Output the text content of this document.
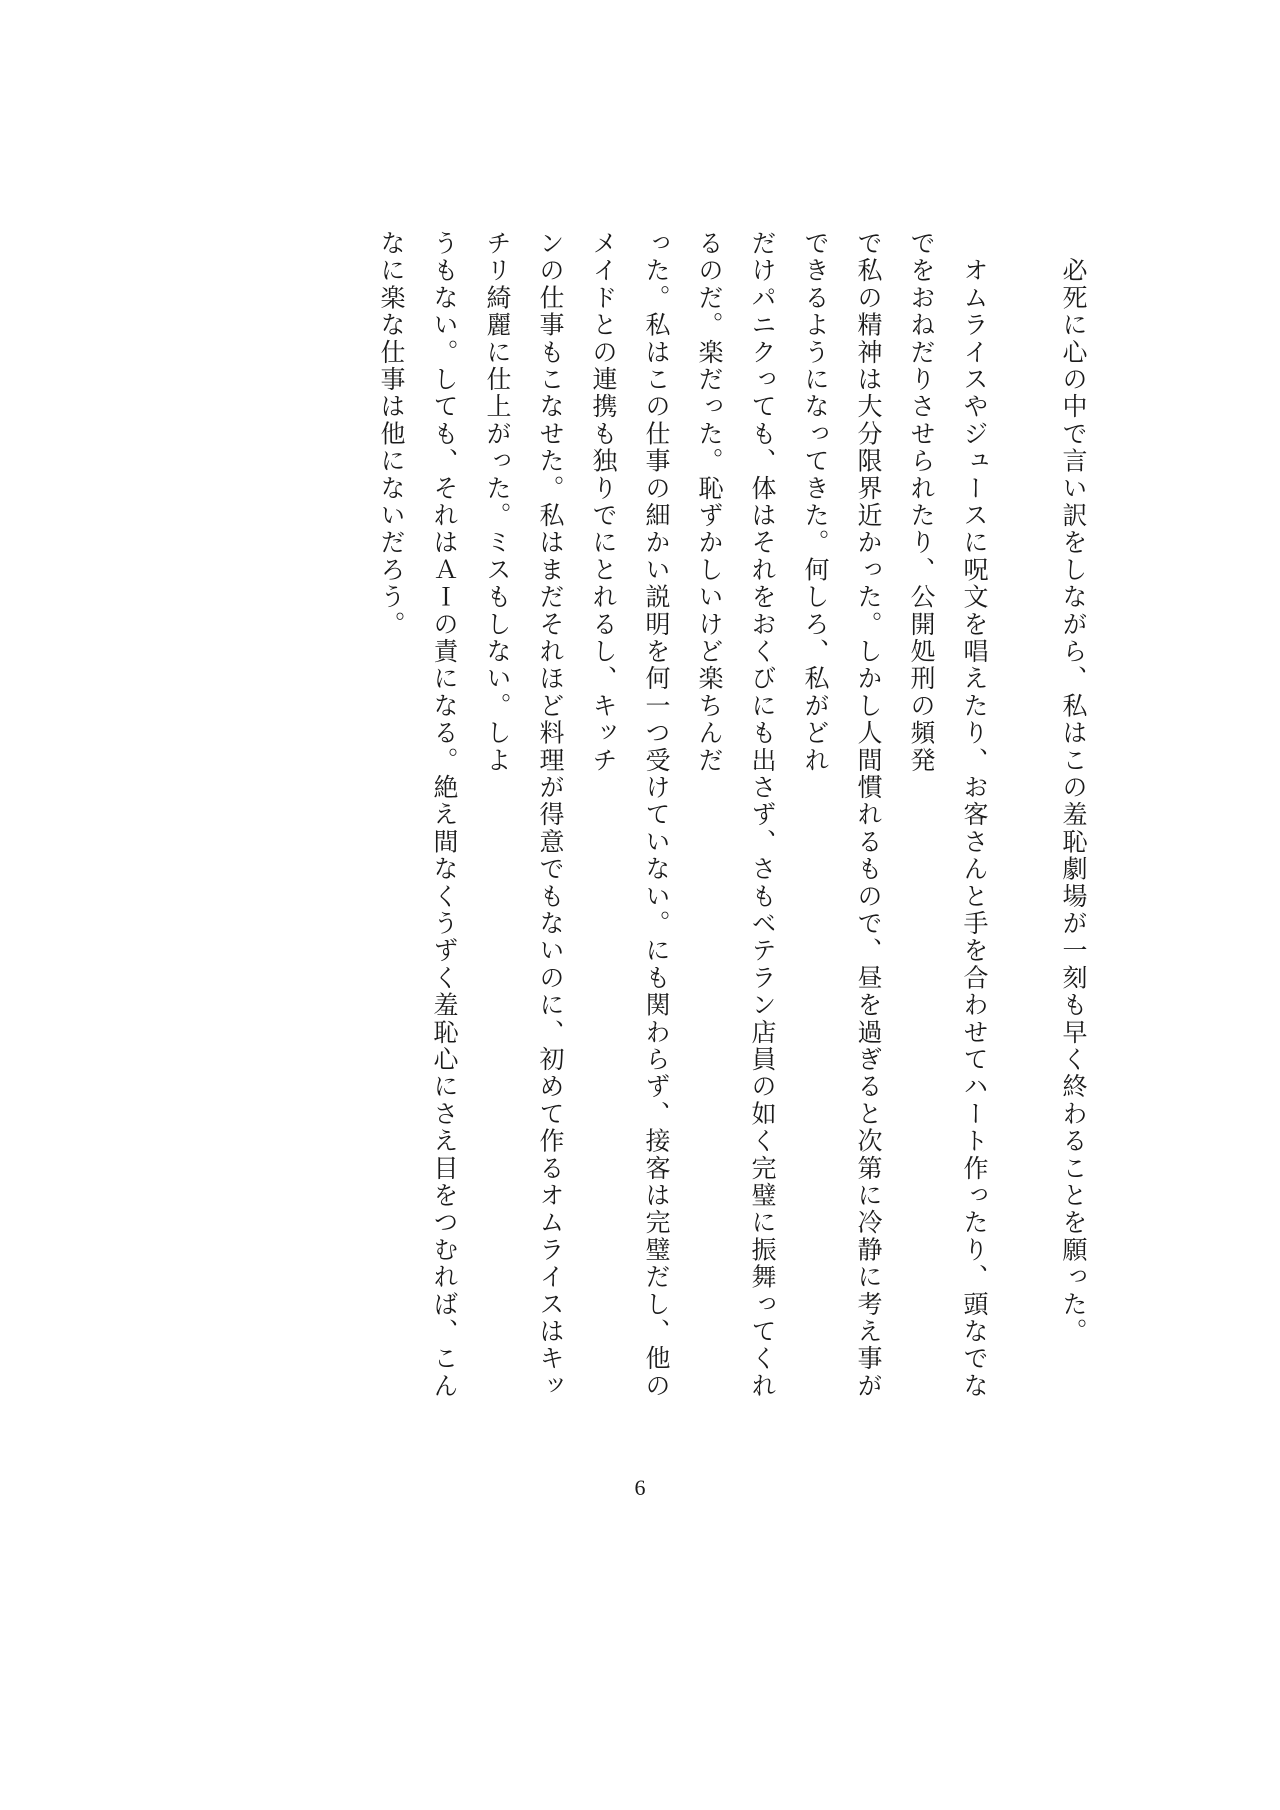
　必死に心の中で言い訳をしながら、私はこの羞恥劇場が一刻も早く終わることを願った。
　オムライスやジュースに呪文を唱えたり、お客さんと手を合わせてハート作ったり、頭なでなでをおねだりさせられたり、公開処刑の頻発
で私の精神は大分限界近かった。しかし人間慣れるもので、昼を過ぎると次第に冷静に考え事ができるようになってきた。何しろ、私がどれ
だけパニクっても、体はそれをおくびにも出さず、さもベテラン店員の如く完璧に振舞ってくれるのだ。楽だった。恥ずかしいけど楽ちんだ
った。私はこの仕事の細かい説明を何一つ受けていない。にも関わらず、接客は完璧だし、他のメイドとの連携も独りでにとれるし、キッチ
ンの仕事もこなせた。私はまだそれほど料理が得意でもないのに、初めて作るオムライスはキッチリ綺麗に仕上がった。ミスもしない。しよ
うもない。しても、それはＡＩの責になる。絶え間なくうずく羞恥心にさえ目をつむれば、こんなに楽な仕事は他にないだろう。
6
